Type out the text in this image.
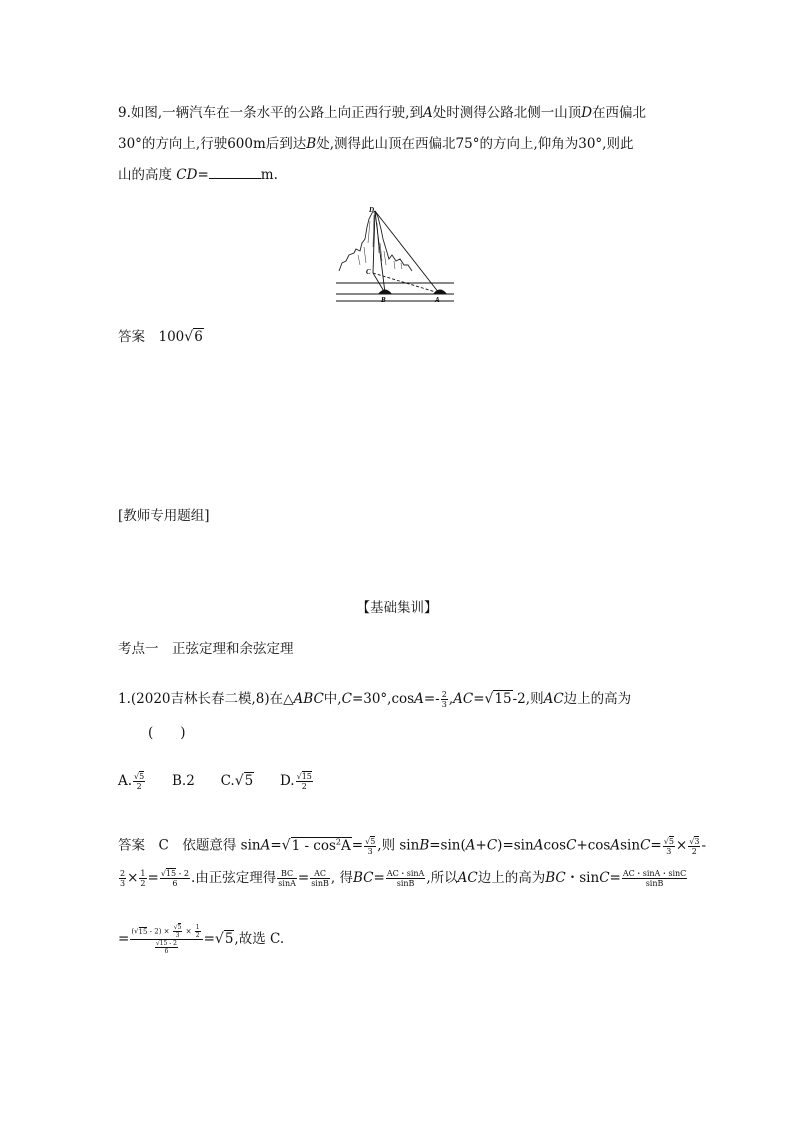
9.如图,一辆汽车在一条水平的公路上向正西行驶,到A处时测得公路北侧一山顶D在西偏北
30°的方向上,行驶600m后到达B处,测得此山顶在西偏北75°的方向上,仰角为30°,则此
山的高度 CD=	m.
D
C
B	A
答案　 100√6
[教师专用题组]
【基础集训】
考点一　正弦定理和余弦定理
1.(2020吉林长春二模,8)在△ABC中$,C=30^\circ,\cos A=- \frac{2}{3} ,AC=√15-2$,则AC边上的高为
(　　)
A. $\frac{√5}{2} B.2$ C.√5 D. $\frac{√15}{2}$
答案　 C　 依题意得 $\sin A=√1 - \cos^2A= \frac{√5}{3}$ ,则 sinB=sin(A+C)=sinAcosC+cosAsinC= $\frac{√5}{3} \times \frac{√3}{2}$ -
$\frac{2}{3} \times \frac{1}{2} = \frac{√15 - 2}{6}$ .由正弦定理得 $\frac{BC}{\sin A} = \frac{AC}{\sin B}$ , 得$BC= \frac{AC・\sin A}{\sin B}$ ,所以AC边上的高为BC・$\sin C= \frac{AC・\sin A・\sin C}{\sin B}$
= $\frac{(√15 - 2) \times \frac{√5}{3} \times \frac{1}{2}}{\frac{√15 - 2}{6}} =√5$,故选 C.
